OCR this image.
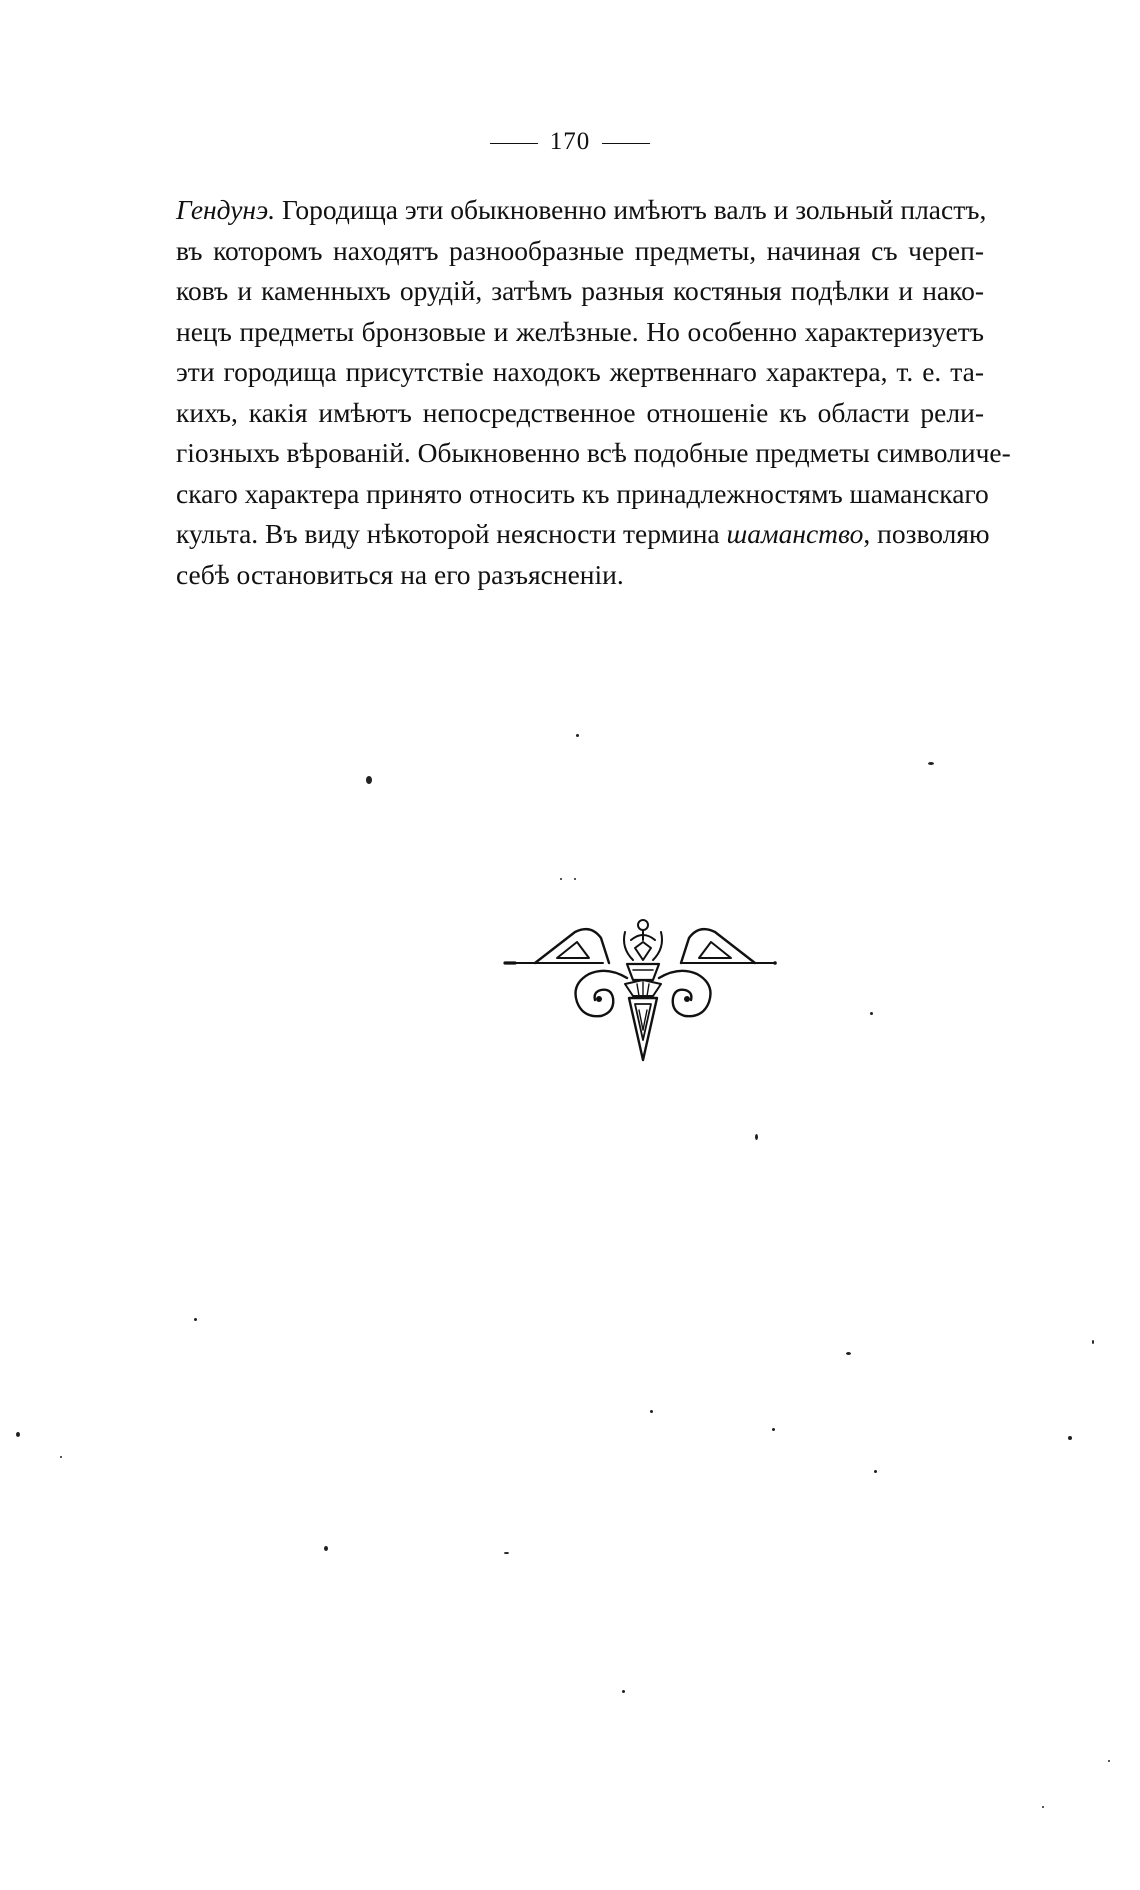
170
Гендунэ. Городища эти обыкновенно имѣютъ валъ и зольный пластъ,
въ которомъ находятъ разнообразные предметы, начиная съ череп-
ковъ и каменныхъ орудій, затѣмъ разныя костяныя подѣлки и нако-
нецъ предметы бронзовые и желѣзные. Но особенно характеризуетъ
эти городища присутствіе находокъ жертвеннаго характера, т. е. та-
кихъ, какія имѣютъ непосредственное отношеніе къ области рели-
гіозныхъ вѣрованій. Обыкновенно всѣ подобные предметы символиче-
скаго характера принято относить къ принадлежностямъ шаманскаго
культа. Въ виду нѣкоторой неясности термина шаманство, позволяю
себѣ остановиться на его разъясненіи.
